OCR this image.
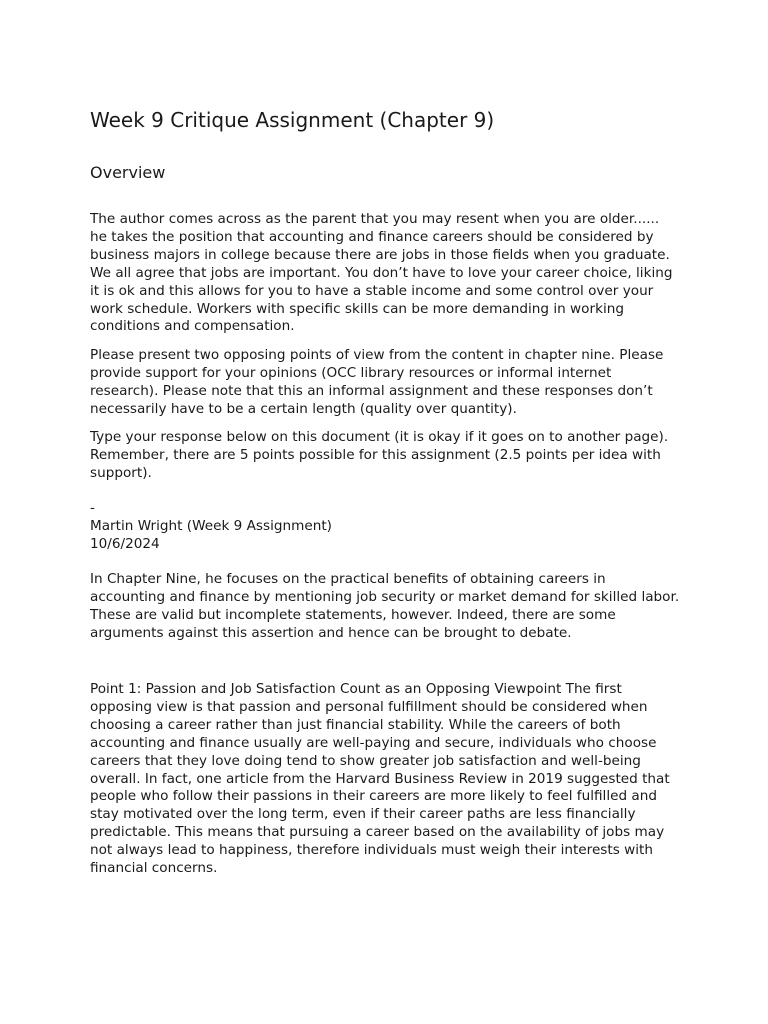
Week 9 Critique Assignment (Chapter 9)
Overview

The author comes across as the parent that you may resent when you are older...... he takes the position that accounting and finance careers should be considered by business majors in college because there are jobs in those fields when you graduate. We all agree that jobs are important. You don’t have to love your career choice, liking it is ok and this allows for you to have a stable income and some control over your work schedule. Workers with specific skills can be more demanding in working conditions and compensation.

Please present two opposing points of view from the content in chapter nine. Please provide support for your opinions (OCC library resources or informal internet research). Please note that this an informal assignment and these responses don’t necessarily have to be a certain length (quality over quantity).

Type your response below on this document (it is okay if it goes on to another page). Remember, there are 5 points possible for this assignment (2.5 points per idea with support).

-

Martin Wright (Week 9 Assignment)

10/6/2024

In Chapter Nine, he focuses on the practical benefits of obtaining careers in accounting and finance by mentioning job security or market demand for skilled labor. These are valid but incomplete statements, however. Indeed, there are some arguments against this assertion and hence can be brought to debate.

Point 1: Passion and Job Satisfaction Count as an Opposing Viewpoint The first opposing view is that passion and personal fulfillment should be considered when choosing a career rather than just financial stability. While the careers of both accounting and finance usually are well-paying and secure, individuals who choose careers that they love doing tend to show greater job satisfaction and well-being overall. In fact, one article from the Harvard Business Review in 2019 suggested that people who follow their passions in their careers are more likely to feel fulfilled and stay motivated over the long term, even if their career paths are less financially predictable. This means that pursuing a career based on the availability of jobs may not always lead to happiness, therefore individuals must weigh their interests with financial concerns.
